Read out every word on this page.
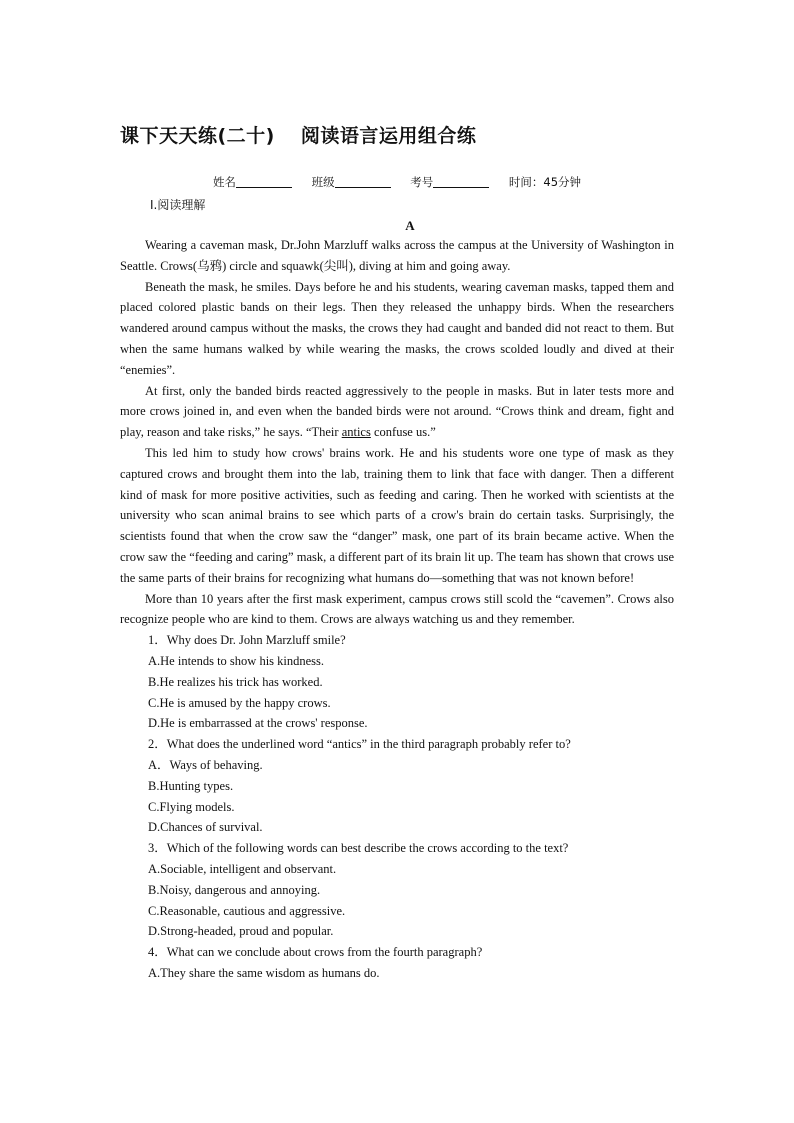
课下天天练(二十) 阅读语言运用组合练
姓名	班级	考号	时间：45分钟
Ⅰ.阅读理解
A

Wearing a caveman mask, Dr.John Marzluff walks across the campus at the University of Washington in Seattle. Crows(乌鸦) circle and squawk(尖叫), diving at him and going away.

Beneath the mask, he smiles. Days before he and his students, wearing caveman masks, tapped them and placed colored plastic bands on their legs. Then they released the unhappy birds. When the researchers wandered around campus without the masks, the crows they had caught and banded did not react to them. But when the same humans walked by while wearing the masks, the crows scolded loudly and dived at their “enemies”.

At first, only the banded birds reacted aggressively to the people in masks. But in later tests more and more crows joined in, and even when the banded birds were not around. “Crows think and dream, fight and play, reason and take risks,” he says. “Their antics confuse us.”

This led him to study how crows' brains work. He and his students wore one type of mask as they captured crows and brought them into the lab, training them to link that face with danger. Then a different kind of mask for more positive activities, such as feeding and caring. Then he worked with scientists at the university who scan animal brains to see which parts of a crow's brain do certain tasks. Surprisingly, the scientists found that when the crow saw the “danger” mask, one part of its brain became active. When the crow saw the “feeding and caring” mask, a different part of its brain lit up. The team has shown that crows use the same parts of their brains for recognizing what humans do—something that was not known before!

More than 10 years after the first mask experiment, campus crows still scold the “cavemen”. Crows also recognize people who are kind to them. Crows are always watching us and they remember.

1．Why does Dr. John Marzluff smile?

A.He intends to show his kindness.

B.He realizes his trick has worked.

C.He is amused by the happy crows.

D.He is embarrassed at the crows' response.

2．What does the underlined word “antics” in the third paragraph probably refer to?

A．Ways of behaving.

B.Hunting types.

C.Flying models.

D.Chances of survival.

3．Which of the following words can best describe the crows according to the text?

A.Sociable, intelligent and observant.

B.Noisy, dangerous and annoying.

C.Reasonable, cautious and aggressive.

D.Strong-headed, proud and popular.

4．What can we conclude about crows from the fourth paragraph?

A.They share the same wisdom as humans do.
